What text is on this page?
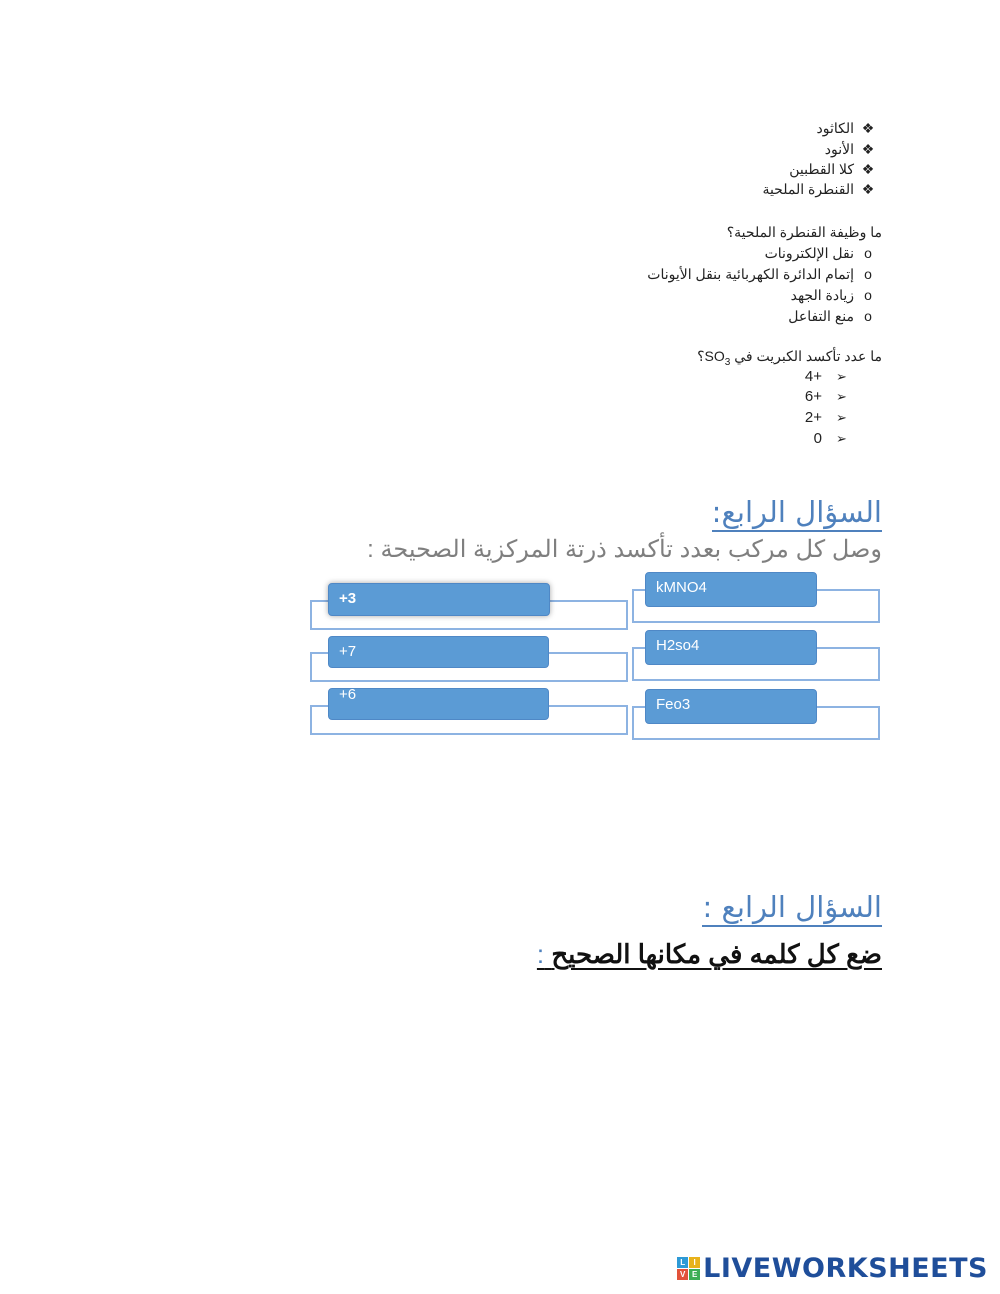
❖الكاثود
❖الأنود
❖كلا القطبين
❖القنطرة الملحية
ما وظيفة القنطرة الملحية؟
oنقل الإلكترونات
oإتمام الدائرة الكهربائية بنقل الأيونات
oزيادة الجهد
oمنع التفاعل
ما عدد تأكسد الكبريت في $SO_3؟$
4+ ➢
6+ ➢
2+ ➢
0 ➢
السؤال الرابع:
وصل كل مركب بعدد تأكسد ذرتة المركزية الصحيحة :
kMNO4
H2so4
Feo3
+3
+7
+6
السؤال الرابع :
ضع كل كلمه في مكانها الصحيح :
L	I
V E LIVEWORKSHEETS
